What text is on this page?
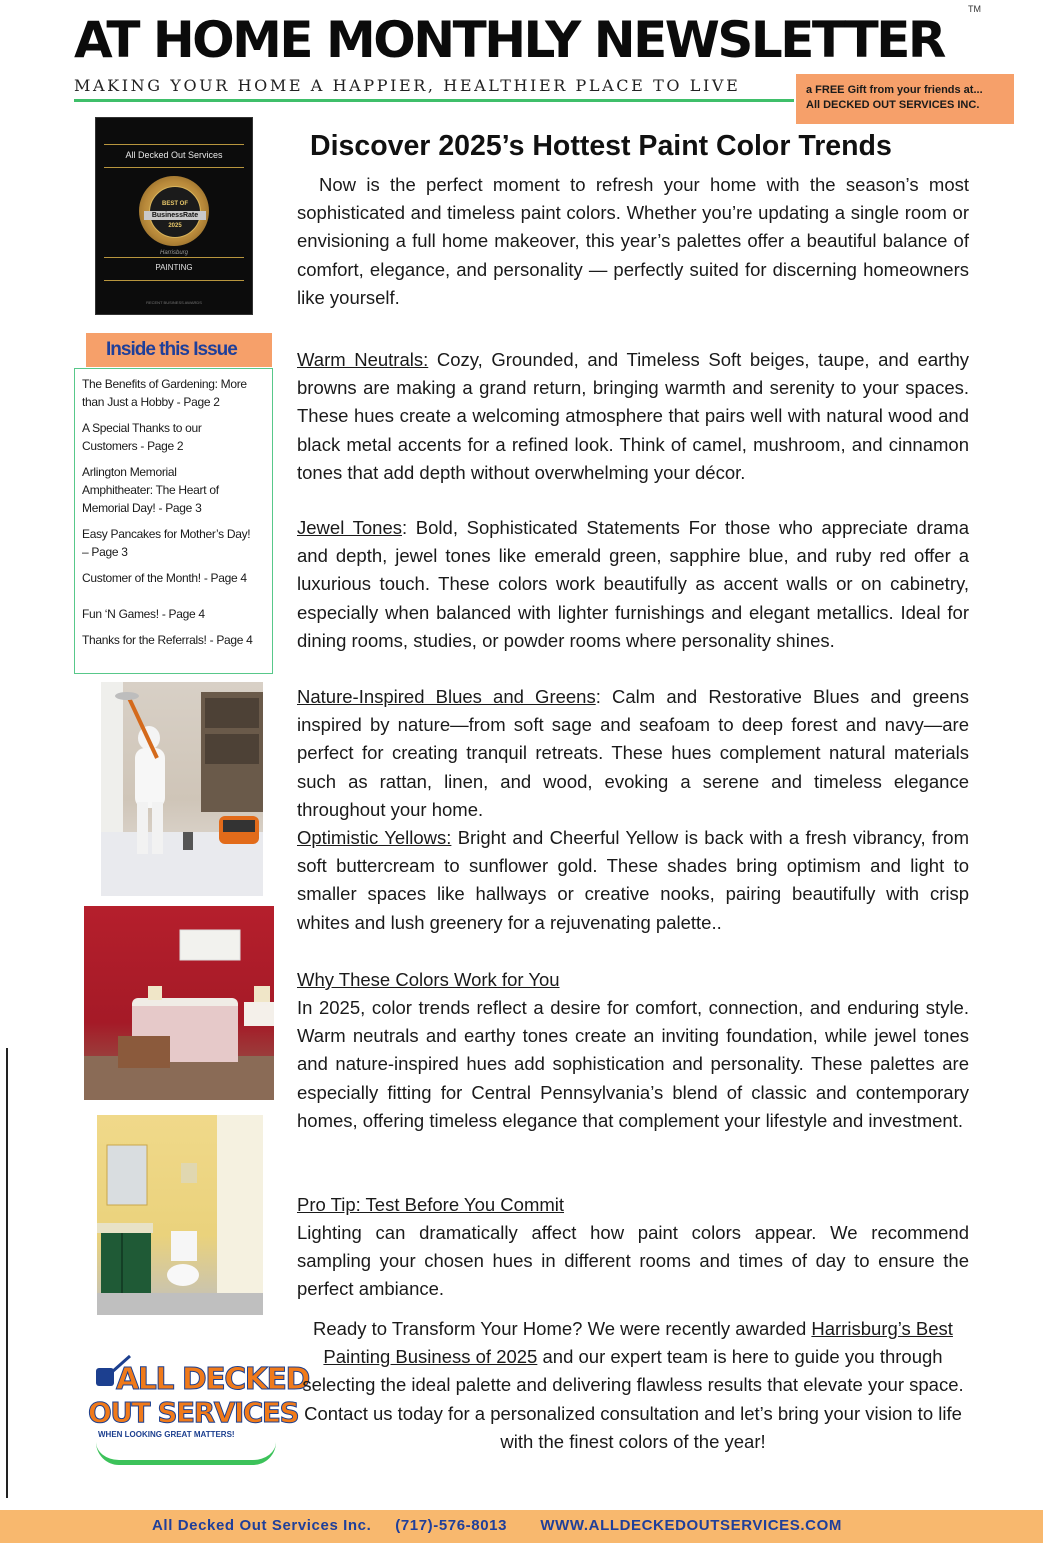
AT HOME MONTHLY NEWSLETTER
TM
MAKING YOUR HOME A HAPPIER, HEALTHIER PLACE TO LIVE	a FREE Gift from your friends at...
All DECKED OUT SERVICES INC.
All Decked Out Services
BEST OF
BusinessRate
2025
Harrisburg
PAINTING
RECENT BUSINESS AWARDS
Inside this Issue
The Benefits of Gardening: More
than Just a Hobby - Page 2
A Special Thanks to our
Customers - Page 2
Arlington Memorial
Amphitheater: The Heart of
Memorial Day! - Page 3
Easy Pancakes for Mother’s Day!
– Page 3
Customer of the Month! - Page 4
Fun ‘N Games! - Page 4
Thanks for the Referrals! - Page 4
ALL DECKED
OUT SERVICES
WHEN LOOKING GREAT MATTERS!
Discover 2025’s Hottest Paint Color Trends

Now is the perfect moment to refresh your home with the season’s most sophisticated and timeless paint colors. Whether you’re updating a single room or envisioning a full home makeover, this year’s palettes offer a beautiful balance of comfort, elegance, and personality — perfectly suited for discerning homeowners like yourself.

Warm Neutrals: Cozy, Grounded, and Timeless Soft beiges, taupe, and earthy browns are making a grand return, bringing warmth and serenity to your spaces. These hues create a welcoming atmosphere that pairs well with natural wood and black metal accents for a refined look. Think of camel, mushroom, and cinnamon tones that add depth without overwhelming your décor.

Jewel Tones: Bold, Sophisticated Statements For those who appreciate drama and depth, jewel tones like emerald green, sapphire blue, and ruby red offer a luxurious touch. These colors work beautifully as accent walls or on cabinetry, especially when balanced with lighter furnishings and elegant metallics. Ideal for dining rooms, studies, or powder rooms where personality shines.

Nature-Inspired Blues and Greens: Calm and Restorative Blues and greens inspired by nature—from soft sage and seafoam to deep forest and navy—are perfect for creating tranquil retreats. These hues complement natural materials such as rattan, linen, and wood, evoking a serene and timeless elegance throughout your home.

Optimistic Yellows: Bright and Cheerful Yellow is back with a fresh vibrancy, from soft buttercream to sunflower gold. These shades bring optimism and light to smaller spaces like hallways or creative nooks, pairing beautifully with crisp whites and lush greenery for a rejuvenating palette..

Why These Colors Work for You

In 2025, color trends reflect a desire for comfort, connection, and enduring style. Warm neutrals and earthy tones create an inviting foundation, while jewel tones and nature-inspired hues add sophistication and personality. These palettes are especially fitting for Central Pennsylvania’s blend of classic and contemporary homes, offering timeless elegance that complement your lifestyle and investment.

Pro Tip: Test Before You Commit

Lighting can dramatically affect how paint colors appear. We recommend sampling your chosen hues in different rooms and times of day to ensure the perfect ambiance.

Ready to Transform Your Home? We were recently awarded Harrisburg’s Best Painting Business of 2025 and our expert team is here to guide you through selecting the ideal palette and delivering flawless results that elevate your space. Contact us today for a personalized consultation and let’s bring your vision to life with the finest colors of the year!

All Decked Out Services Inc. (717)-576-8013 WWW.ALLDECKEDOUTSERVICES.COM
